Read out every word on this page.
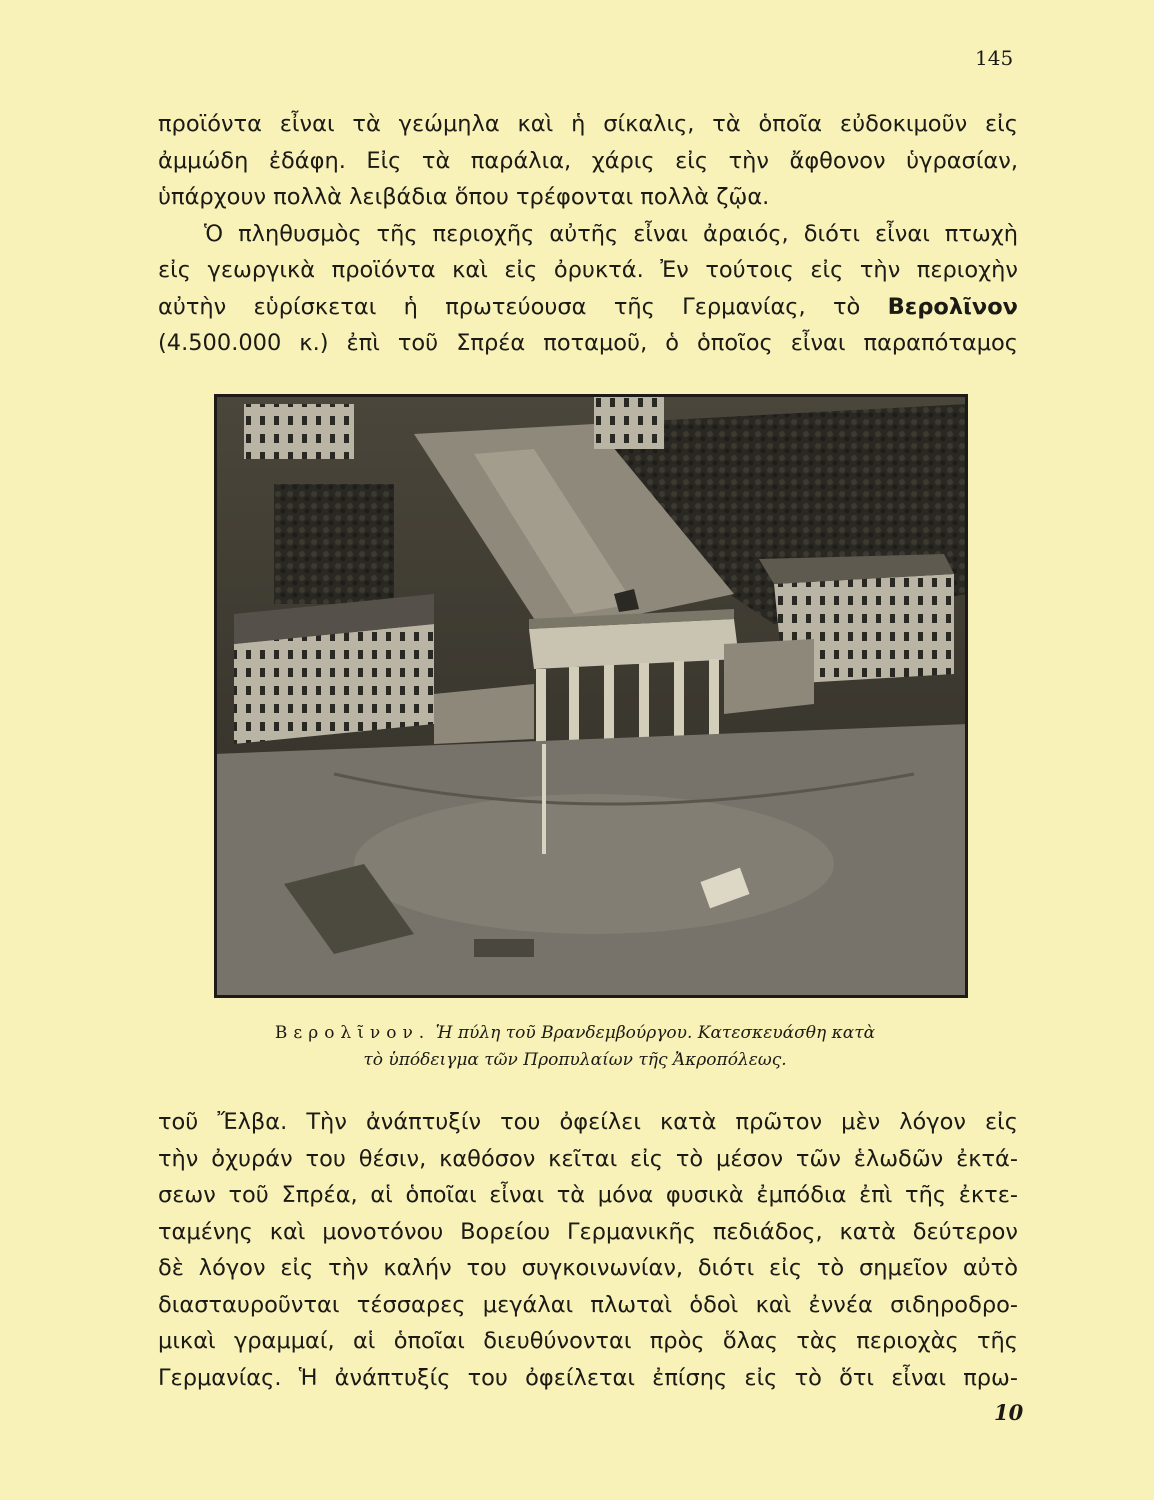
145
προϊόντα εἶναι τὰ γεώμηλα καὶ ἡ σίκαλις, τὰ ὁποῖα εὐδοκιμοῦν εἰς
ἀμμώδη ἐδάφη. Εἰς τὰ παράλια, χάρις εἰς τὴν ἄφθονον ὑγρασίαν,
ὑπάρχουν πολλὰ λειβάδια ὅπου τρέφονται πολλὰ ζῷα.
Ὁ πληθυσμὸς τῆς περιοχῆς αὐτῆς εἶναι ἀραιός, διότι εἶναι πτωχὴ
εἰς γεωργικὰ προϊόντα καὶ εἰς ὀρυκτά. Ἐν τούτοις εἰς τὴν περιοχὴν
αὐτὴν εὑρίσκεται ἡ πρωτεύουσα τῆς Γερμανίας, τὸ Βερολῖνον
(4.500.000 κ.) ἐπὶ τοῦ Σπρέα ποταμοῦ, ὁ ὁποῖος εἶναι παραπόταμος
Βερολῖνον. Ἡ πύλη τοῦ Βρανδεμβούργου. Κατεσκευάσθη κατὰ
τὸ ὑπόδειγμα τῶν Προπυλαίων τῆς Ἀκροπόλεως.
τοῦ Ἔλβα. Τὴν ἀνάπτυξίν του ὀφείλει κατὰ πρῶτον μὲν λόγον εἰς
τὴν ὀχυράν του θέσιν, καθόσον κεῖται εἰς τὸ μέσον τῶν ἑλωδῶν ἐκτά-
σεων τοῦ Σπρέα, αἱ ὁποῖαι εἶναι τὰ μόνα φυσικὰ ἐμπόδια ἐπὶ τῆς ἐκτε-
ταμένης καὶ μονοτόνου Βορείου Γερμανικῆς πεδιάδος, κατὰ δεύτερον
δὲ λόγον εἰς τὴν καλήν του συγκοινωνίαν, διότι εἰς τὸ σημεῖον αὐτὸ
διασταυροῦνται τέσσαρες μεγάλαι πλωταὶ ὁδοὶ καὶ ἐννέα σιδηροδρο-
μικαὶ γραμμαί, αἱ ὁποῖαι διευθύνονται πρὸς ὅλας τὰς περιοχὰς τῆς
Γερμανίας. Ἡ ἀνάπτυξίς του ὀφείλεται ἐπίσης εἰς τὸ ὅτι εἶναι πρω-
10
